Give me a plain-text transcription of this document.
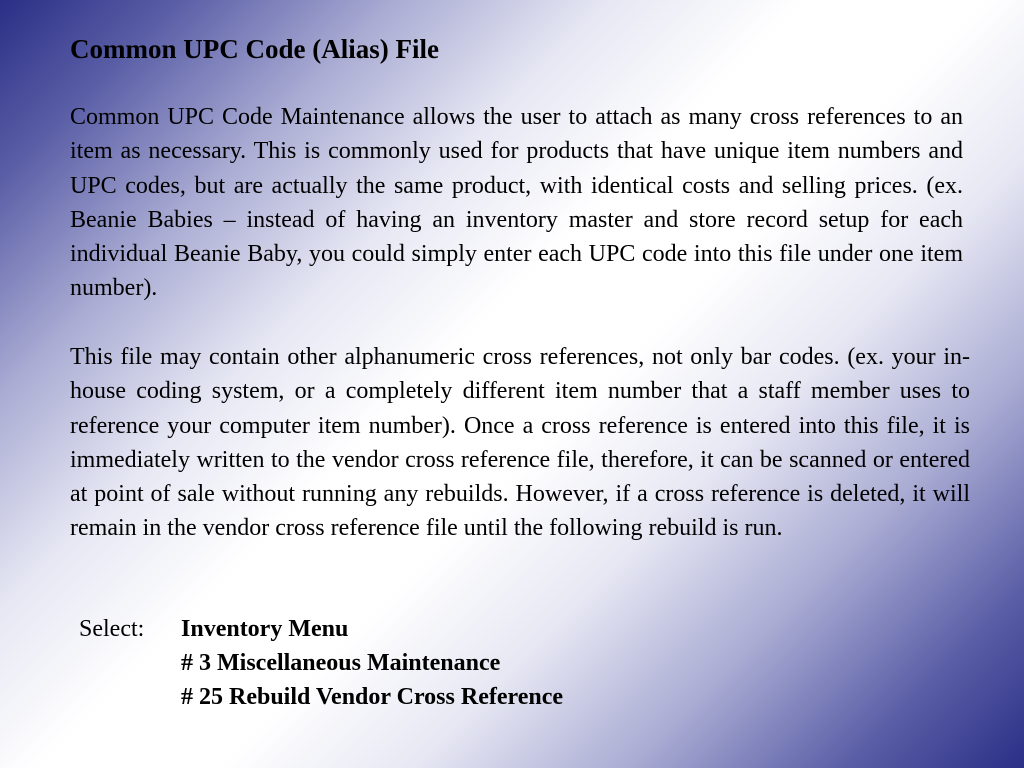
Common UPC Code (Alias) File

Common UPC Code Maintenance allows the user to attach as many cross references to an item as necessary. This is commonly used for products that have unique item numbers and UPC codes, but are actually the same product, with identical costs and selling prices. (ex. Beanie Babies – instead of having an inventory master and store record setup for each individual Beanie Baby, you could simply enter each UPC code into this file under one item number).

This file may contain other alphanumeric cross references, not only bar codes. (ex. your in-house coding system, or a completely different item number that a staff member uses to reference your computer item number). Once a cross reference is entered into this file, it is immediately written to the vendor cross reference file, therefore, it can be scanned or entered at point of sale without running any rebuilds. However, if a cross reference is deleted, it will remain in the vendor cross reference file until the following rebuild is run.

Select: Inventory Menu
# 3 Miscellaneous Maintenance
# 25 Rebuild Vendor Cross Reference
